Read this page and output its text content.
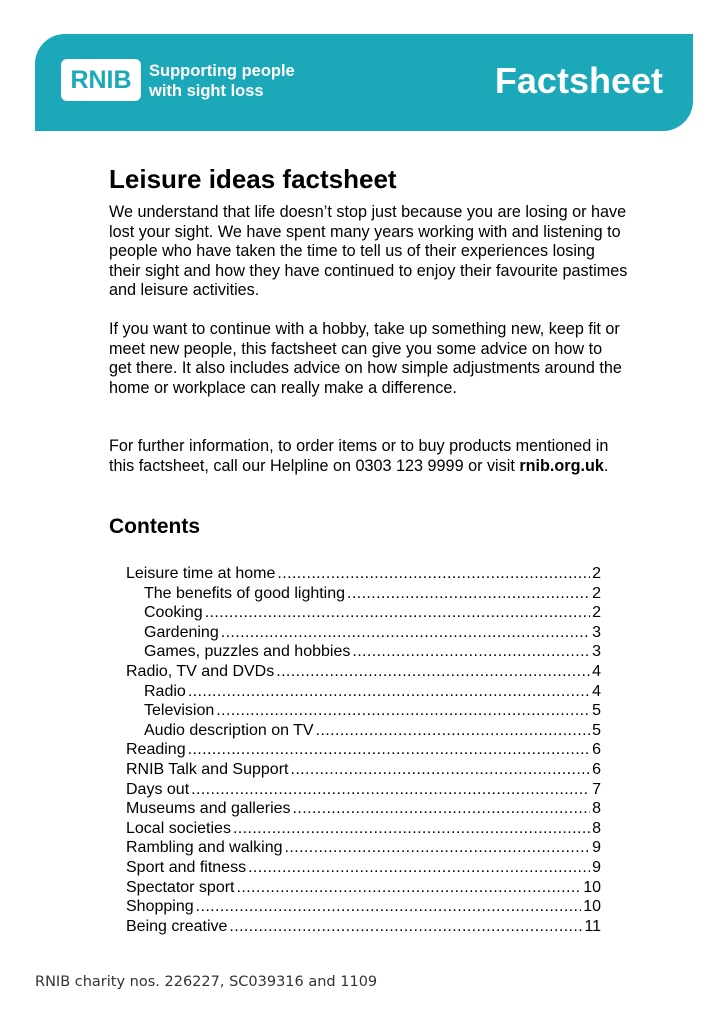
RNIB	Supporting people
with sight loss	Factsheet
Leisure ideas factsheet

We understand that life doesn’t stop just because you are losing or have lost your sight. We have spent many years working with and listening to people who have taken the time to tell us of their experiences losing their sight and how they have continued to enjoy their favourite pastimes and leisure activities.

If you want to continue with a hobby, take up something new, keep fit or meet new people, this factsheet can give you some advice on how to get there. It also includes advice on how simple adjustments around the home or workplace can really make a difference.

For further information, to order items or to buy products mentioned in this factsheet, call our Helpline on 0303 123 9999 or visit rnib.org.uk.

Contents
Leisure time at home .....	2
The benefits of good lighting .....	2
Cooking .....	2
Gardening .....	3
Games, puzzles and hobbies .....	3
Radio, TV and DVDs .....	4
Radio .....	4
Television .....	5
Audio description on TV .....	5
Reading .....	6
RNIB Talk and Support .....	6
Days out .....	7
Museums and galleries .....	8
Local societies .....	8
Rambling and walking .....	9
Sport and fitness .....	9
Spectator sport .....	10
Shopping .....	10
Being creative .....	11
RNIB charity nos. 226227, SC039316 and 1109
